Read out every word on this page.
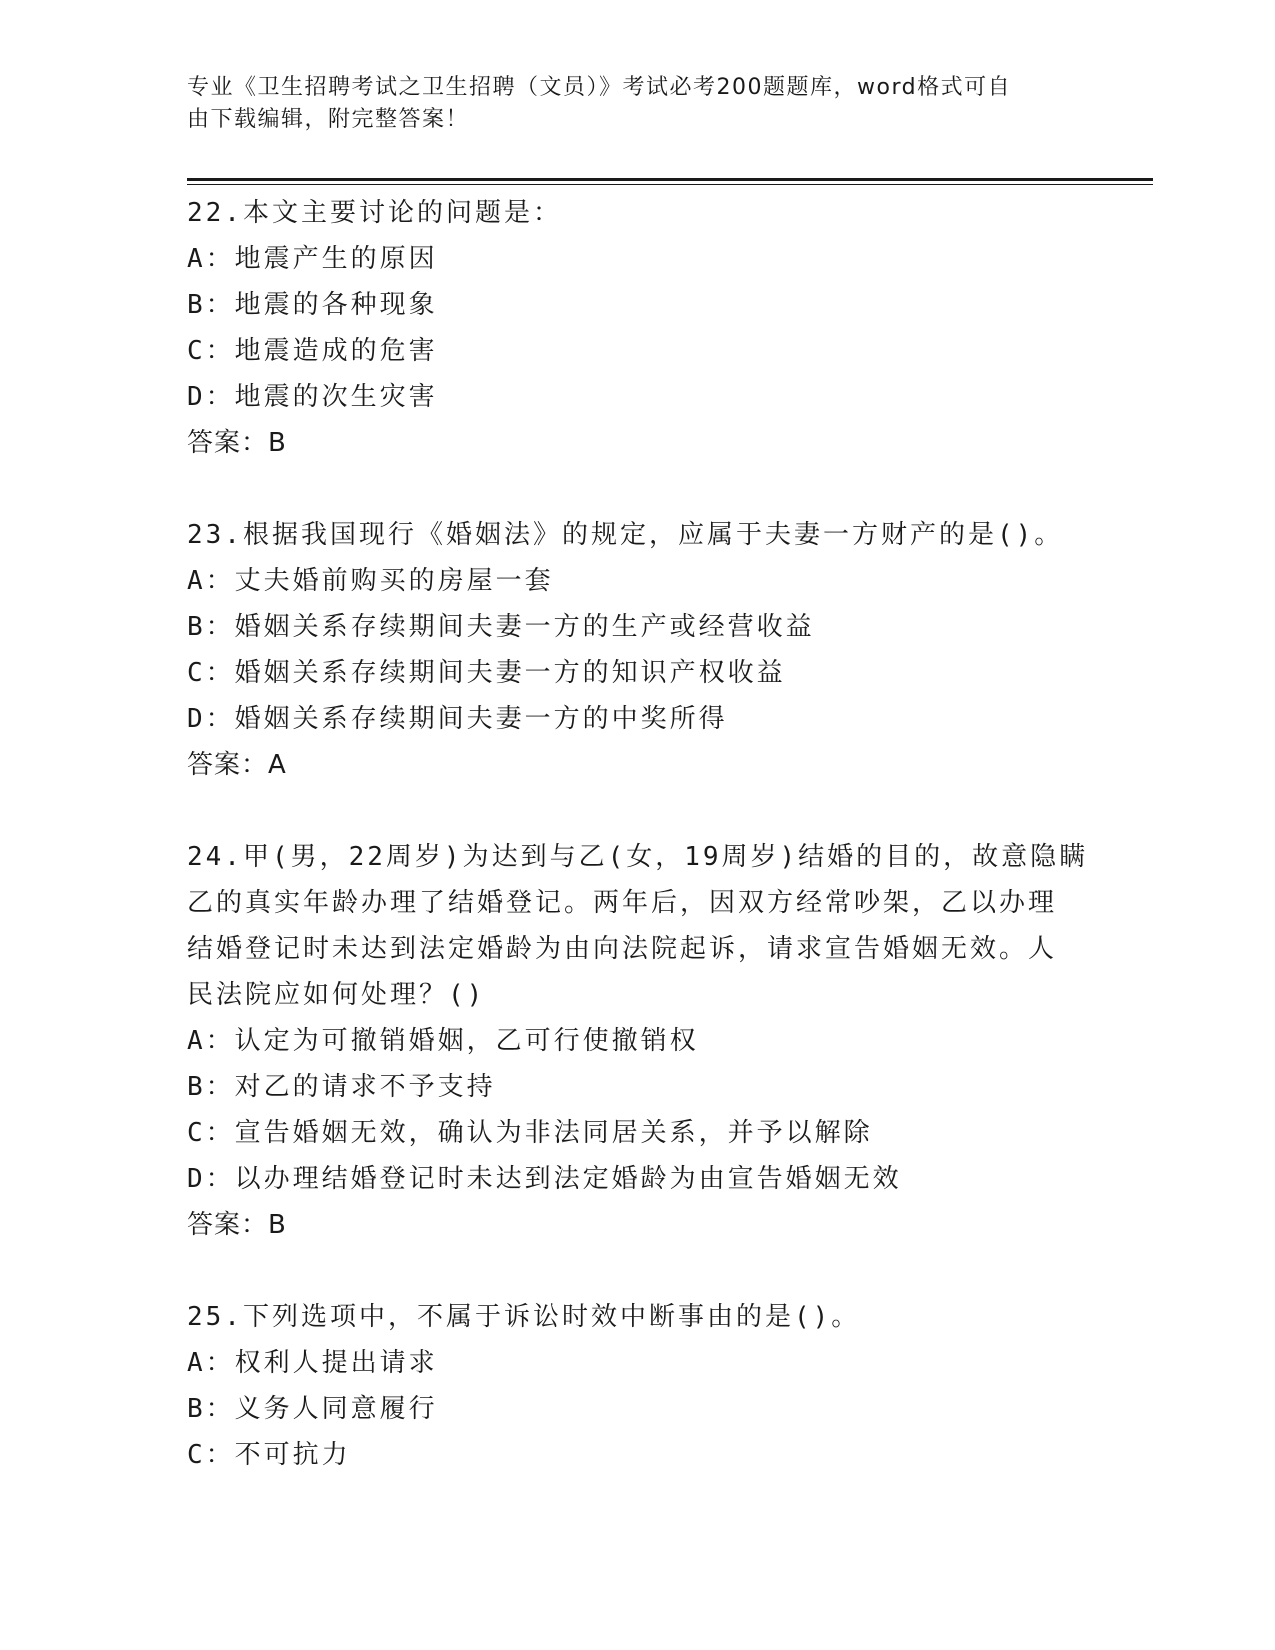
专业《卫生招聘考试之卫生招聘（文员）》考试必考200题题库，word格式可自
由下载编辑，附完整答案！
22.本文主要讨论的问题是：
A：地震产生的原因
B：地震的各种现象
C：地震造成的危害
D：地震的次生灾害
答案：B
23.根据我国现行《婚姻法》的规定，应属于夫妻一方财产的是()。
A：丈夫婚前购买的房屋一套
B：婚姻关系存续期间夫妻一方的生产或经营收益
C：婚姻关系存续期间夫妻一方的知识产权收益
D：婚姻关系存续期间夫妻一方的中奖所得
答案：A
24.甲(男，22周岁)为达到与乙(女，19周岁)结婚的目的，故意隐瞒
乙的真实年龄办理了结婚登记。两年后，因双方经常吵架，乙以办理
结婚登记时未达到法定婚龄为由向法院起诉，请求宣告婚姻无效。人
民法院应如何处理？()
A：认定为可撤销婚姻，乙可行使撤销权
B：对乙的请求不予支持
C：宣告婚姻无效，确认为非法同居关系，并予以解除
D：以办理结婚登记时未达到法定婚龄为由宣告婚姻无效
答案：B
25.下列选项中，不属于诉讼时效中断事由的是()。
A：权利人提出请求
B：义务人同意履行
C：不可抗力
